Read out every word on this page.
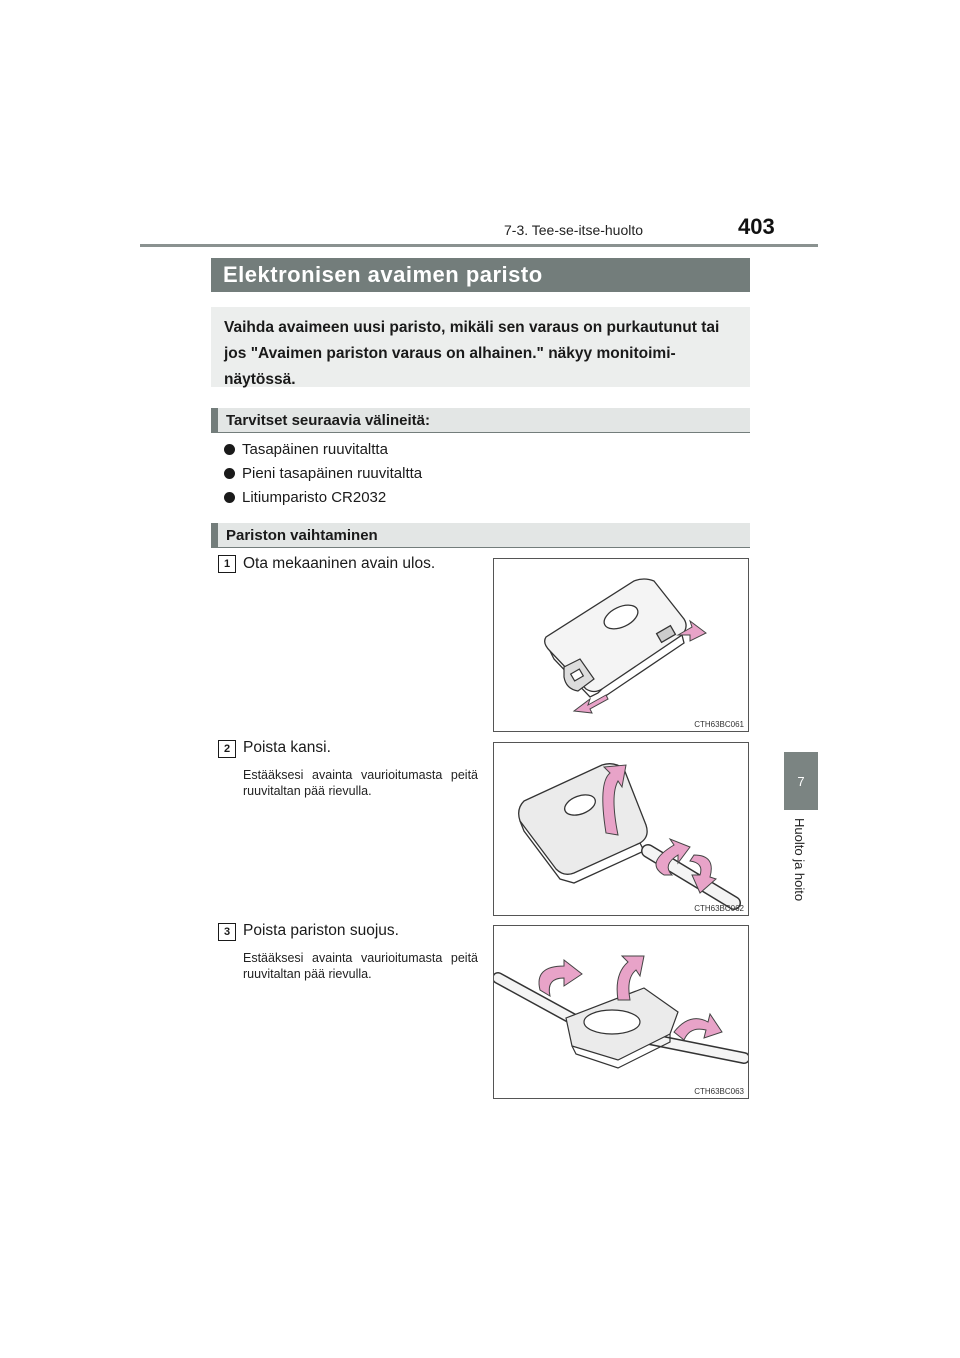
7-3. Tee-se-itse-huolto	403
7
Huolto ja hoito
Elektronisen avaimen paristo
Vaihda avaimeen uusi paristo, mikäli sen varaus on purkautunut tai jos "Avaimen pariston varaus on alhainen." näkyy monitoimi-näytössä.
Tarvitset seuraavia välineitä:
Tasapäinen ruuvitaltta
Pieni tasapäinen ruuvitaltta
Litiumparisto CR2032
Pariston vaihtaminen
1 Ota mekaaninen avain ulos.
CTH63BC061
2 Poista kansi.
Estääksesi avainta vaurioitumasta peitä ruuvitaltan pää rievulla.
CTH63BC062
3 Poista pariston suojus.
Estääksesi avainta vaurioitumasta peitä ruuvitaltan pää rievulla.
CTH63BC063
